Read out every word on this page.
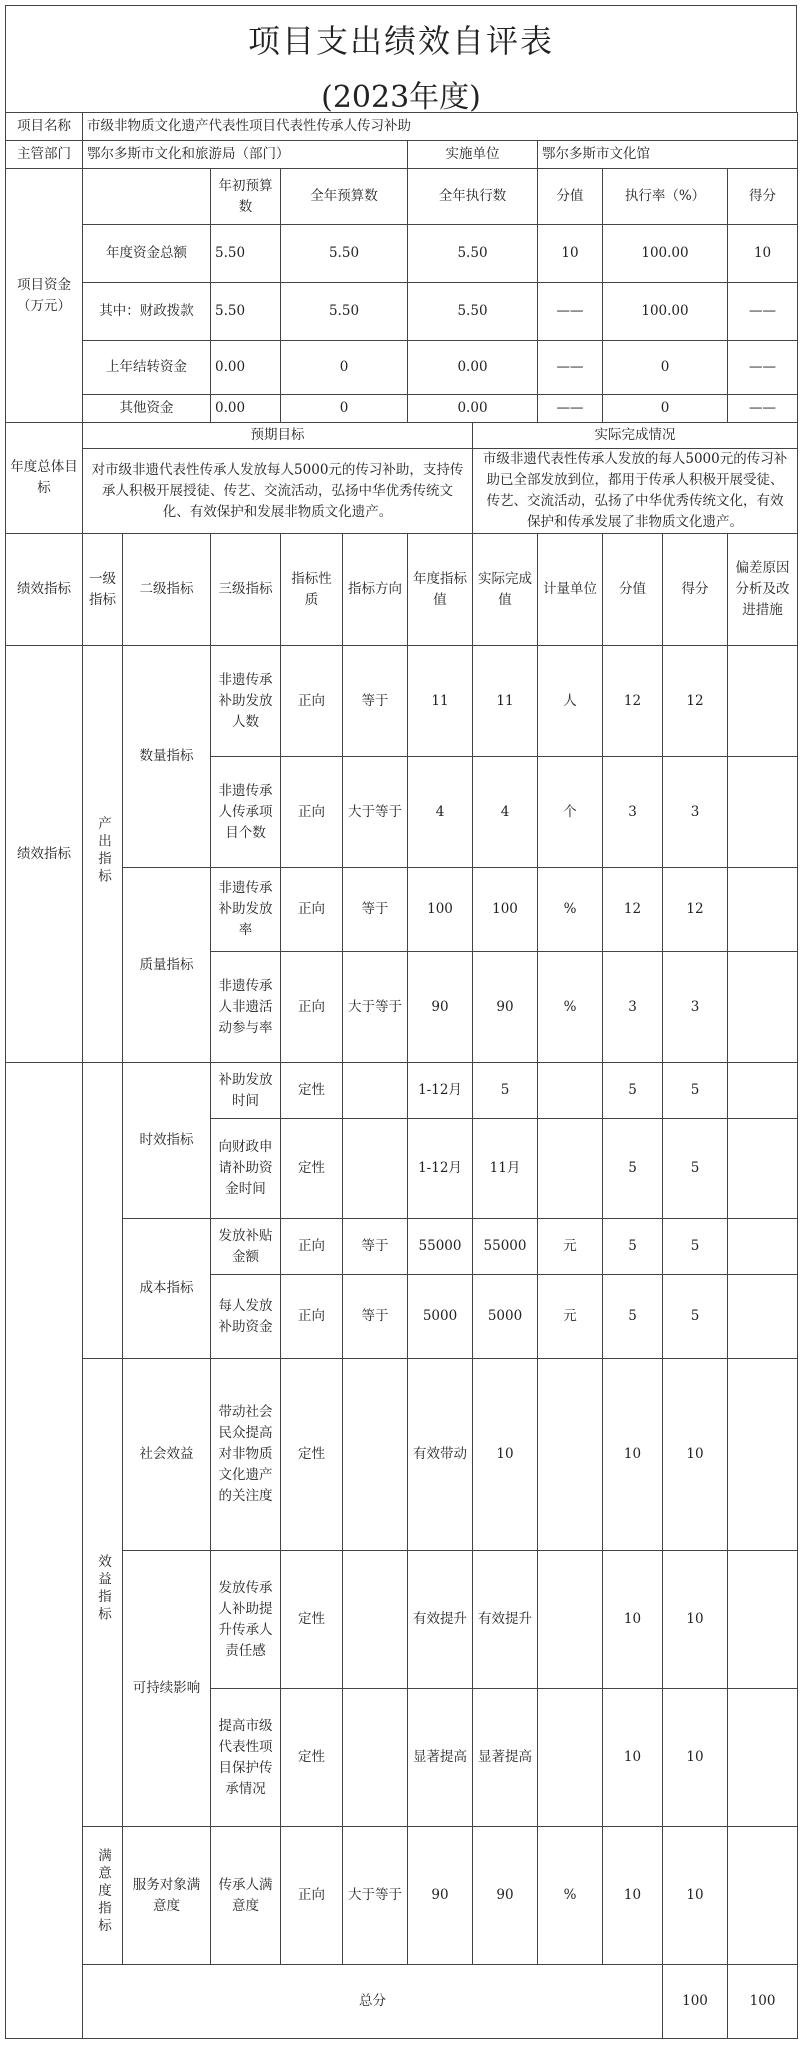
项目支出绩效自评表
(2023年度)
项目名称	市级非物质文化遗产代表性项目代表性传承人传习补助											
主管部门	鄂尔多斯市文化和旅游局（部门）					实施单位		鄂尔多斯市文化馆				
项目资金（万元）			年初预算数	全年预算数		全年执行数		分值	执行率（%）		得分	
	年度资金总额		5.50	5.50		5.50		10	100.00		10	
	其中：财政拨款		5.50	5.50		5.50		——	100.00		——	
	上年结转资金		0.00	0		0.00		——	0		——	
	其他资金		0.00	0		0.00		——	0		——	
年度总体目标	预期目标						实际完成情况					
	对市级非遗代表性传承人发放每人5000元的传习补助，支持传承人积极开展授徒、传艺、交流活动，弘扬中华优秀传统文化、有效保护和发展非物质文化遗产。						市级非遗代表性传承人发放的每人5000元的传习补助已全部发放到位，都用于传承人积极开展受徒、传艺、交流活动，弘扬了中华优秀传统文化，有效保护和传承发展了非物质文化遗产。					
绩效指标	一级指标	二级指标	三级指标	指标性质	指标方向	年度指标值	实际完成值	计量单位	分值	得分	偏差原因分析及改进措施	
绩效指标	产出指标	数量指标	非遗传承补助发放人数	正向	等于	11	11	人	12	12		
			非遗传承人传承项目个数	正向	大于等于	4	4	个	3	3		
		质量指标	非遗传承补助发放率	正向	等于	100	100	%	12	12		
			非遗传承人非遗活动参与率	正向	大于等于	90	90	%	3	3		
		时效指标	补助发放时间	定性		1-12月	5		5	5		
			向财政申请补助资金时间	定性		1-12月	11月		5	5		
		成本指标	发放补贴金额	正向	等于	55000	55000	元	5	5		
			每人发放补助资金	正向	等于	5000	5000	元	5	5		
	效益指标	社会效益	带动社会民众提高对非物质文化遗产的关注度	定性		有效带动	10		10	10		
		可持续影响	发放传承人补助提升传承人责任感	定性		有效提升	有效提升		10	10		
			提高市级代表性项目保护传承情况	定性		显著提高	显著提高		10	10		
	满意度指标	服务对象满意度	传承人满意度	正向	大于等于	90	90	%	10	10		
	总分									100	100	
